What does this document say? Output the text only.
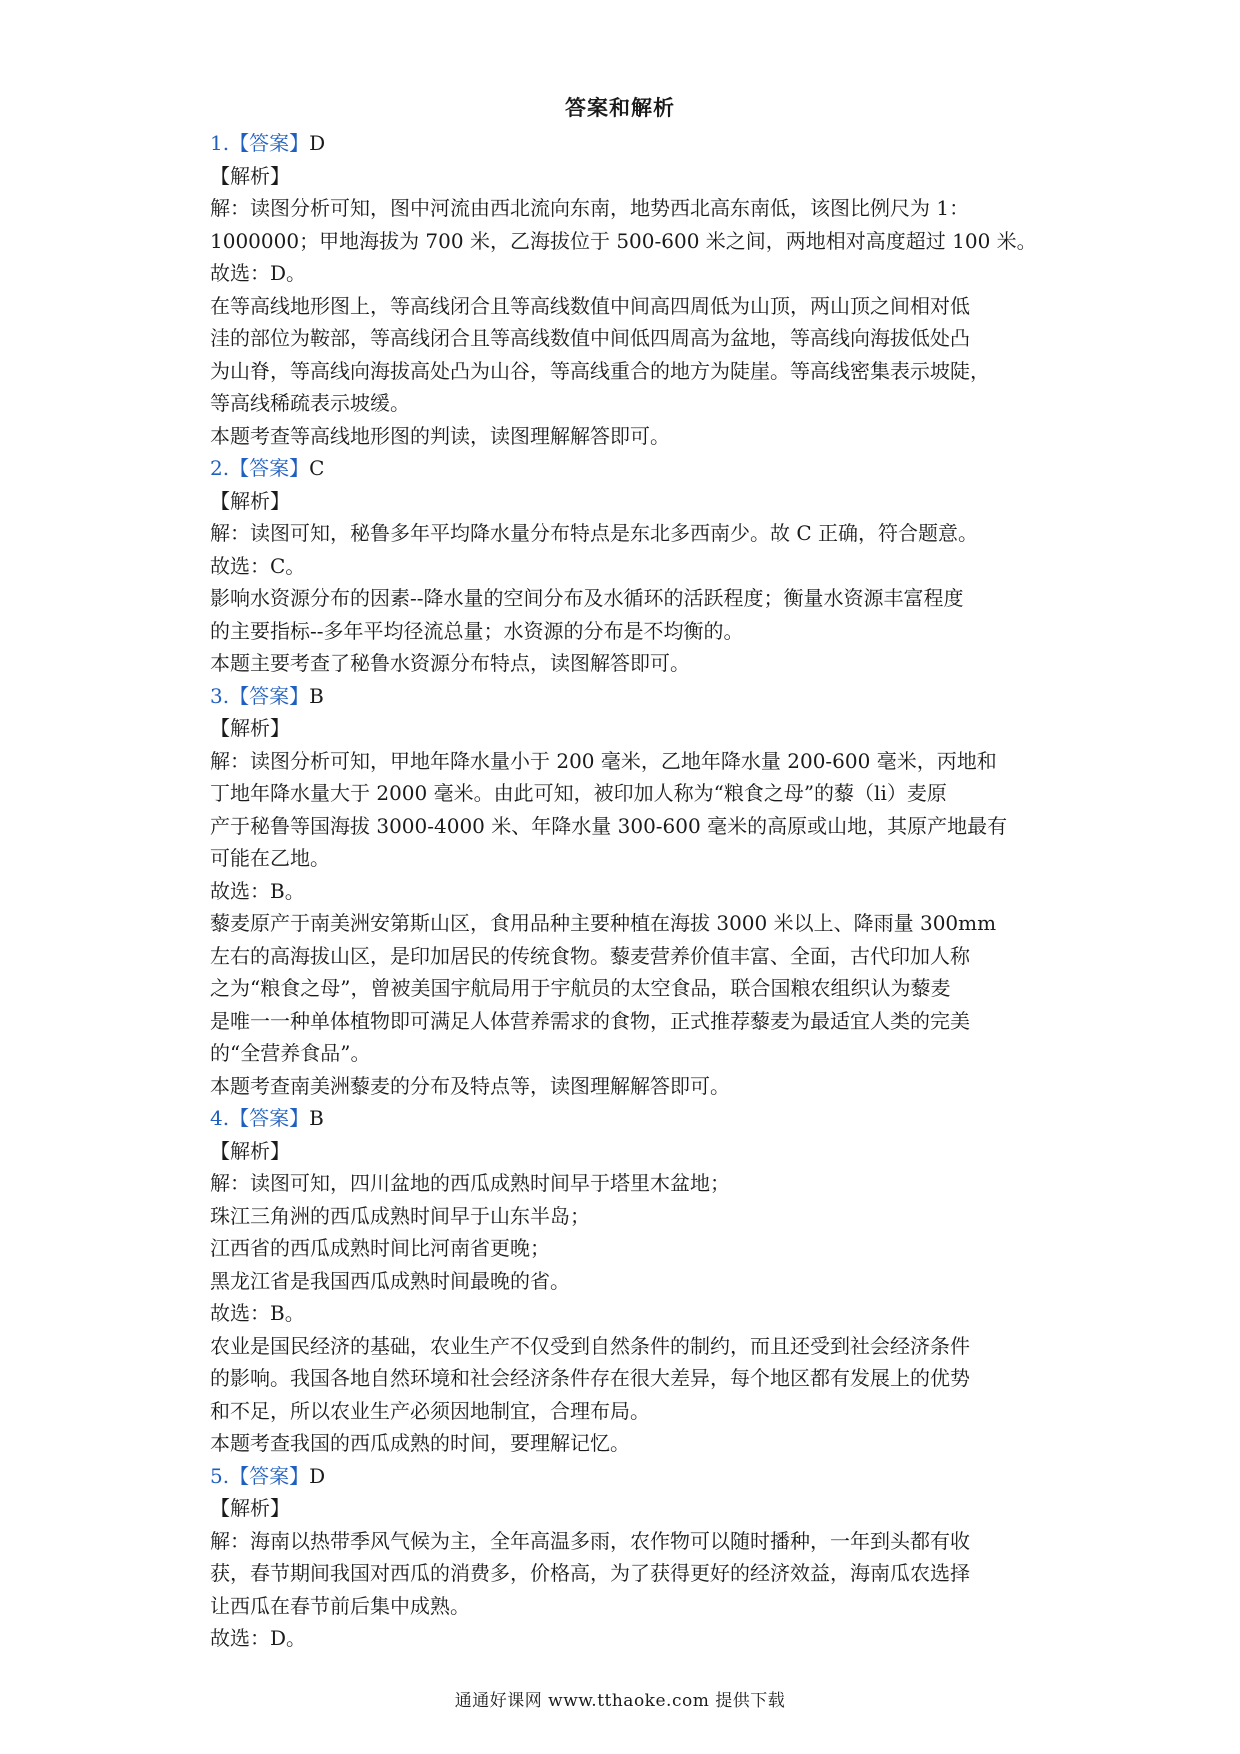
答案和解析
1.【答案】D
【解析】
解：读图分析可知，图中河流由西北流向东南，地势西北高东南低，该图比例尺为 1：
1000000；甲地海拔为 700 米，乙海拔位于 500-600 米之间，两地相对高度超过 100 米。
故选：D。
在等高线地形图上，等高线闭合且等高线数值中间高四周低为山顶，两山顶之间相对低
洼的部位为鞍部，等高线闭合且等高线数值中间低四周高为盆地，等高线向海拔低处凸
为山脊，等高线向海拔高处凸为山谷，等高线重合的地方为陡崖。等高线密集表示坡陡，
等高线稀疏表示坡缓。
本题考查等高线地形图的判读，读图理解解答即可。
2.【答案】C
【解析】
解：读图可知，秘鲁多年平均降水量分布特点是东北多西南少。故 C 正确，符合题意。
故选：C。
影响水资源分布的因素--降水量的空间分布及水循环的活跃程度；衡量水资源丰富程度
的主要指标--多年平均径流总量；水资源的分布是不均衡的。
本题主要考查了秘鲁水资源分布特点，读图解答即可。
3.【答案】B
【解析】
解：读图分析可知，甲地年降水量小于 200 毫米，乙地年降水量 200-600 毫米，丙地和
丁地年降水量大于 2000 毫米。由此可知，被印加人称为“粮食之母”的藜（li）麦原
产于秘鲁等国海拔 3000-4000 米、年降水量 300-600 毫米的高原或山地，其原产地最有
可能在乙地。
故选：B。
藜麦原产于南美洲安第斯山区，食用品种主要种植在海拔 3000 米以上、降雨量 300mm
左右的高海拔山区，是印加居民的传统食物。藜麦营养价值丰富、全面，古代印加人称
之为“粮食之母”，曾被美国宇航局用于宇航员的太空食品，联合国粮农组织认为藜麦
是唯一一种单体植物即可满足人体营养需求的食物，正式推荐藜麦为最适宜人类的完美
的“全营养食品”。
本题考查南美洲藜麦的分布及特点等，读图理解解答即可。
4.【答案】B
【解析】
解：读图可知，四川盆地的西瓜成熟时间早于塔里木盆地；
珠江三角洲的西瓜成熟时间早于山东半岛；
江西省的西瓜成熟时间比河南省更晚；
黑龙江省是我国西瓜成熟时间最晚的省。
故选：B。
农业是国民经济的基础，农业生产不仅受到自然条件的制约，而且还受到社会经济条件
的影响。我国各地自然环境和社会经济条件存在很大差异，每个地区都有发展上的优势
和不足，所以农业生产必须因地制宜，合理布局。
本题考查我国的西瓜成熟的时间，要理解记忆。
5.【答案】D
【解析】
解：海南以热带季风气候为主，全年高温多雨，农作物可以随时播种，一年到头都有收
获，春节期间我国对西瓜的消费多，价格高，为了获得更好的经济效益，海南瓜农选择
让西瓜在春节前后集中成熟。
故选：D。
通通好课网 www.tthaoke.com 提供下载
